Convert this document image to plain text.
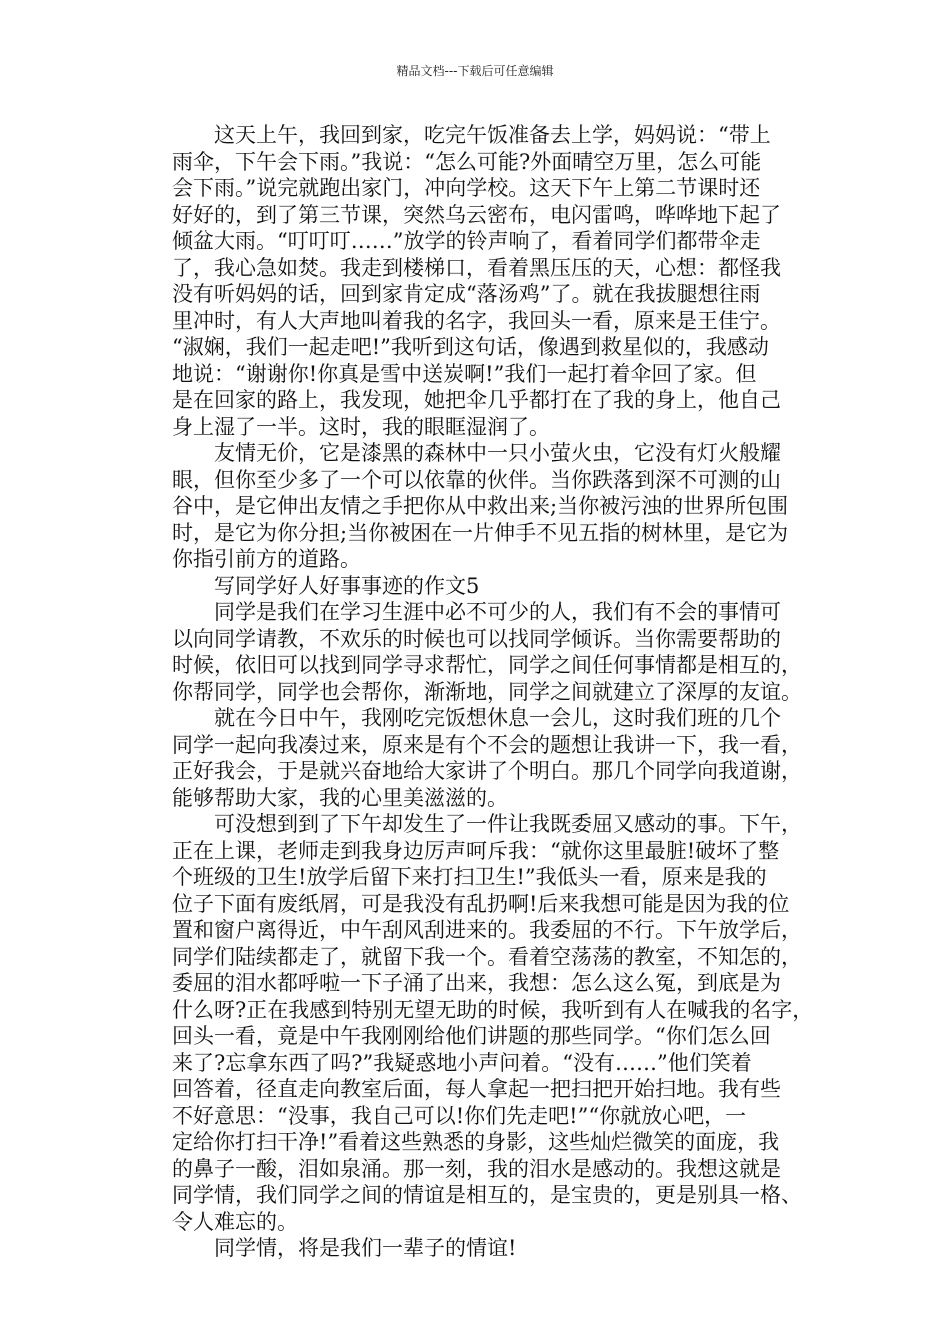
精品文档---下载后可任意编辑
　　这天上午，我回到家，吃完午饭准备去上学，妈妈说：“带上
雨伞，下午会下雨。”我说：“怎么可能?外面晴空万里，怎么可能
会下雨。”说完就跑出家门，冲向学校。这天下午上第二节课时还
好好的，到了第三节课，突然乌云密布，电闪雷鸣，哗哗地下起了
倾盆大雨。“叮叮叮……”放学的铃声响了，看着同学们都带伞走
了，我心急如焚。我走到楼梯口，看着黑压压的天，心想：都怪我
没有听妈妈的话，回到家肯定成“落汤鸡”了。就在我拔腿想往雨
里冲时，有人大声地叫着我的名字，我回头一看，原来是王佳宁。
“淑娴，我们一起走吧!”我听到这句话，像遇到救星似的，我感动
地说：“谢谢你!你真是雪中送炭啊!”我们一起打着伞回了家。但
是在回家的路上，我发现，她把伞几乎都打在了我的身上，他自己
身上湿了一半。这时，我的眼眶湿润了。
　　友情无价，它是漆黑的森林中一只小萤火虫，它没有灯火般耀
眼，但你至少多了一个可以依靠的伙伴。当你跌落到深不可测的山
谷中，是它伸出友情之手把你从中救出来;当你被污浊的世界所包围
时，是它为你分担;当你被困在一片伸手不见五指的树林里，是它为
你指引前方的道路。
　　写同学好人好事事迹的作文5
　　同学是我们在学习生涯中必不可少的人，我们有不会的事情可
以向同学请教，不欢乐的时候也可以找同学倾诉。当你需要帮助的
时候，依旧可以找到同学寻求帮忙，同学之间任何事情都是相互的，
你帮同学，同学也会帮你，渐渐地，同学之间就建立了深厚的友谊。
　　就在今日中午，我刚吃完饭想休息一会儿，这时我们班的几个
同学一起向我凑过来，原来是有个不会的题想让我讲一下，我一看，
正好我会，于是就兴奋地给大家讲了个明白。那几个同学向我道谢，
能够帮助大家，我的心里美滋滋的。
　　可没想到到了下午却发生了一件让我既委屈又感动的事。下午，
正在上课，老师走到我身边厉声呵斥我：“就你这里最脏!破坏了整
个班级的卫生!放学后留下来打扫卫生!”我低头一看，原来是我的
位子下面有废纸屑，可是我没有乱扔啊!后来我想可能是因为我的位
置和窗户离得近，中午刮风刮进来的。我委屈的不行。下午放学后，
同学们陆续都走了，就留下我一个。看着空荡荡的教室，不知怎的，
委屈的泪水都呼啦一下子涌了出来，我想：怎么这么冤，到底是为
什么呀?正在我感到特别无望无助的时候，我听到有人在喊我的名字，
回头一看，竟是中午我刚刚给他们讲题的那些同学。“你们怎么回
来了?忘拿东西了吗?”我疑惑地小声问着。“没有……”他们笑着
回答着，径直走向教室后面，每人拿起一把扫把开始扫地。我有些
不好意思：“没事，我自己可以!你们先走吧!”“你就放心吧，一
定给你打扫干净!”看着这些熟悉的身影，这些灿烂微笑的面庞，我
的鼻子一酸，泪如泉涌。那一刻，我的泪水是感动的。我想这就是
同学情，我们同学之间的情谊是相互的，是宝贵的，更是别具一格、
令人难忘的。
　　同学情，将是我们一辈子的情谊!
